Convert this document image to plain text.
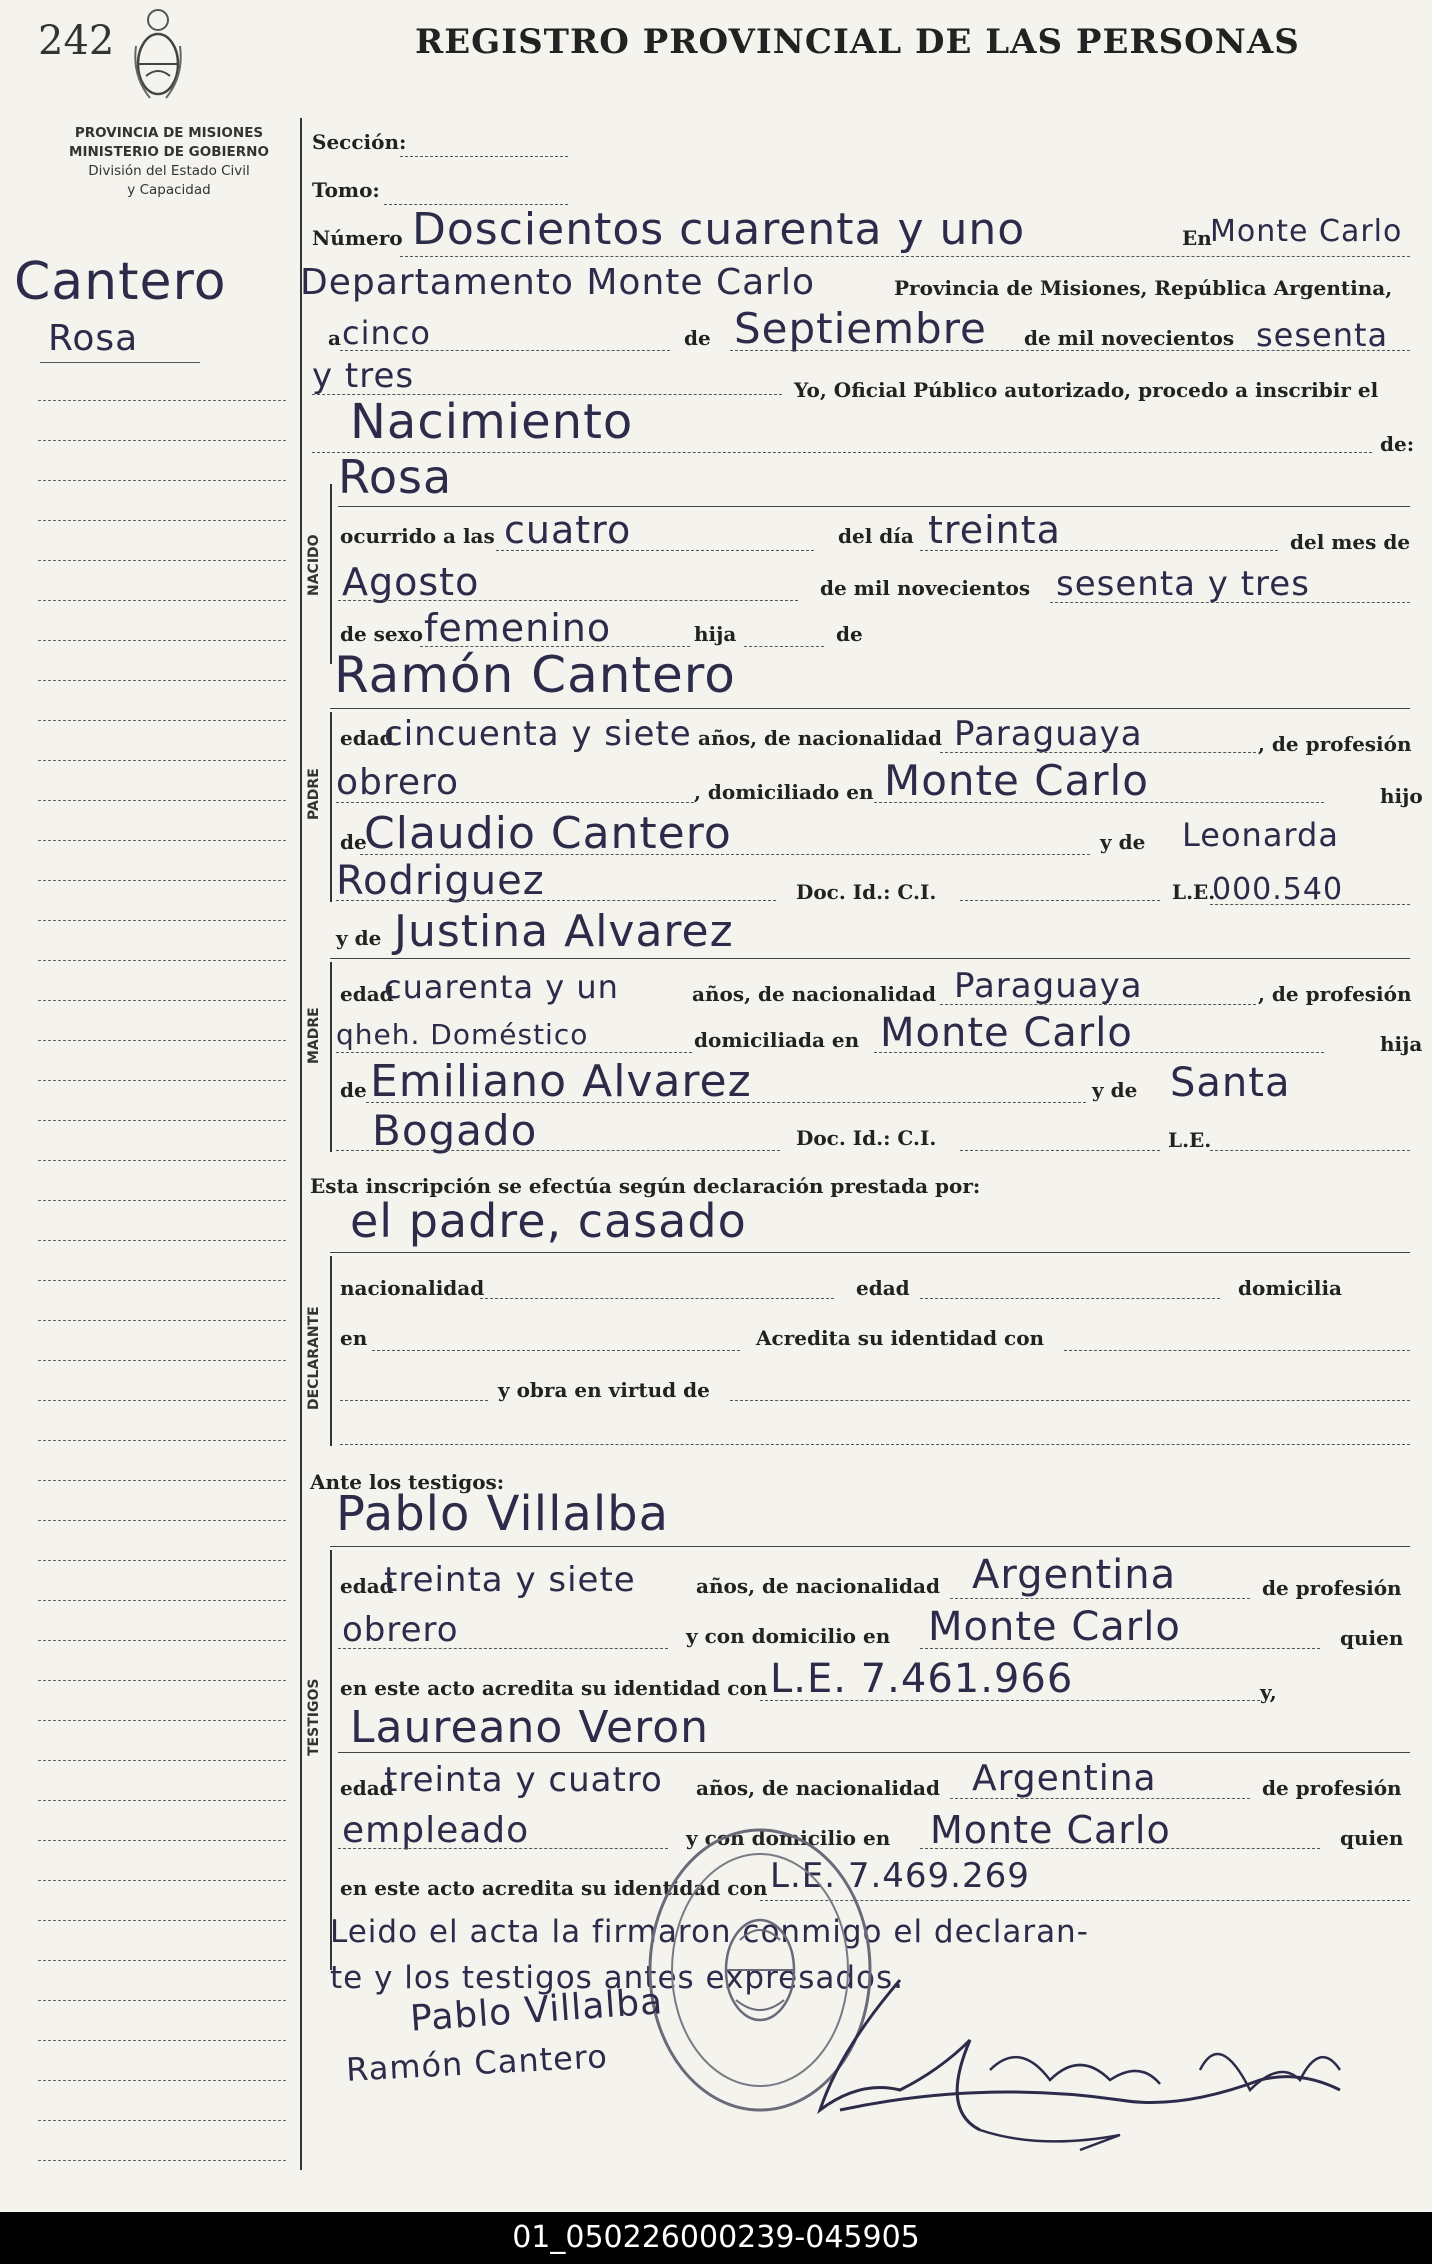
242	REGISTRO PROVINCIAL DE LAS PERSONAS
PROVINCIA DE MISIONES
MINISTERIO DE GOBIERNO
División del Estado Civil
y Capacidad
Cantero
Rosa
Sección:
Tomo:
Número Doscientos cuarenta y uno	En
Monte Carlo
Departamento Monte Carlo	Provincia de Misiones, República Argentina,
a cinco	de Septiembre de mil novecientos sesenta
y tres	Yo, Oficial Público autorizado, procedo a inscribir el
Nacimiento	de:
NACIDO
Rosa
ocurrido a las cuatro	del día treinta	del mes de
Agosto	de mil novecientos sesenta y tres
de sexo femenino	hija	de
Ramón Cantero
PADRE
edad
cincuenta y siete años, de nacionalidad Paraguaya	, de profesión
obrero	, domiciliado en Monte Carlo	hijo
de
Claudio Cantero	y de Leonarda
Rodriguez	Doc. Id.: C.I.	L.E.
000.540
y de Justina Alvarez
MADRE
edad
cuarenta y un	años, de nacionalidad Paraguaya	, de profesión
qheh. Doméstico	domiciliada en Monte Carlo	hija
de Emiliano Alvarez	y de Santa
Bogado	Doc. Id.: C.I.	L.E.
Esta inscripción se efectúa según declaración prestada por:
el padre, casado
DECLARANTE
nacionalidad	edad	domicilia
en	Acredita su identidad con
y obra en virtud de
Ante los testigos:
Pablo Villalba
TESTIGOS
edad
treinta y siete	años, de nacionalidad Argentina	de profesión
obrero	y con domicilio en Monte Carlo	quien
en este acto acredita su identidad con L.E. 7.461.966	y,
Laureano Veron
edad
treinta y cuatro años, de nacionalidad Argentina	de profesión
empleado	y con domicilio en Monte Carlo	quien
en este acto acredita su identidad con L.E. 7.469.269
Leido el acta la firmaron conmigo el declaran-
te y los testigos antes expresados.
Pablo Villalba
Ramón Cantero
01_050226000239-045905
